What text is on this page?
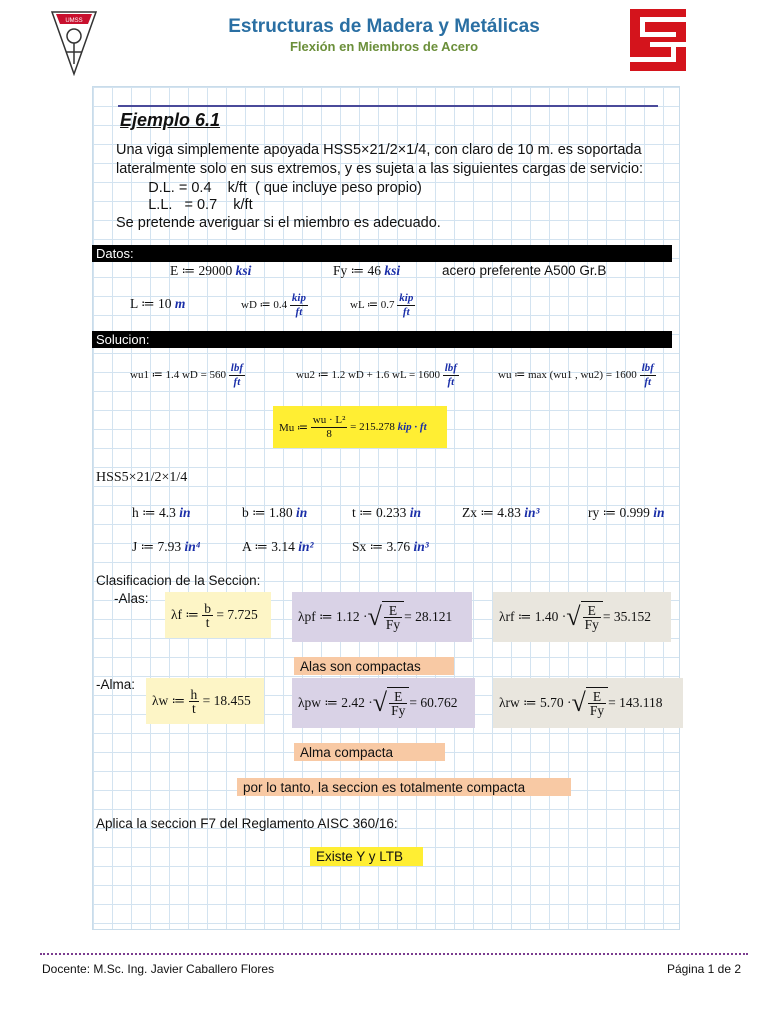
UMSS	Estructuras de Madera y Metálicas
Flexión en Miembros de Acero
Ejemplo 6.1
Una viga simplemente apoyada HSS5×21/2×1/4, con claro de 10 m. es soportada
lateralmente solo en sus extremos, y es sujeta a las siguientes cargas de servicio:
D.L. = 0.4    k/ft  ( que incluye peso propio)
L.L.   = 0.7    k/ft
Se pretende averiguar si el miembro es adecuado.
Datos:
E ≔ 29000 ksi	Fy ≔ 46 ksi	acero preferente A500 Gr.B
L ≔ 10 m	wD ≔ $0.4 \frac{\text{kip}}{ft}$	wL ≔ $0.7 \frac{\text{kip}}{ft}$
Solucion:
wu1 ≔ 1.4 wD = $560 \frac{\text{lbf}}{ft}$	wu2 ≔ 1.2 wD + 1.6 wL = $1600 \frac{\text{lbf}}{ft}$	wu ≔ max (wu1 , $wu2) = 1600 \frac{\text{lbf}}{ft}$
Mu ≔
$\frac{\text{wu · L²}}{8}$
= 215.278
kip · ft
HSS5×21/2×1/4
h ≔ 4.3 in	b ≔ 1.80 in	t ≔ 0.233 in	Zx ≔ 4.83 in³	ry ≔ 0.999 in
J ≔ 7.93 in⁴	A ≔ 3.14 in²	Sx ≔ 3.76 in³
Clasificacion de la Seccion:
-Alas:
λf ≔
$\frac{b}{t}$
= 7.725	λpf ≔ 1.12 · √ $\frac{E}{Fy} = 28.121$	λrf ≔ 1.40 · √ $\frac{E}{Fy} = 35.152$
Alas son compactas
-Alma:
λw ≔
$\frac{h}{t}$
= 18.455	λpw ≔ 2.42 · √ $\frac{E}{Fy} = 60.762$	λrw ≔ 5.70 · √ $\frac{E}{Fy} = 143.118$
Alma compacta
por lo tanto, la seccion es totalmente compacta
Aplica la seccion F7 del Reglamento AISC 360/16:
Existe Y y LTB
Docente: M.Sc. Ing. Javier Caballero Flores	Página 1 de 2
